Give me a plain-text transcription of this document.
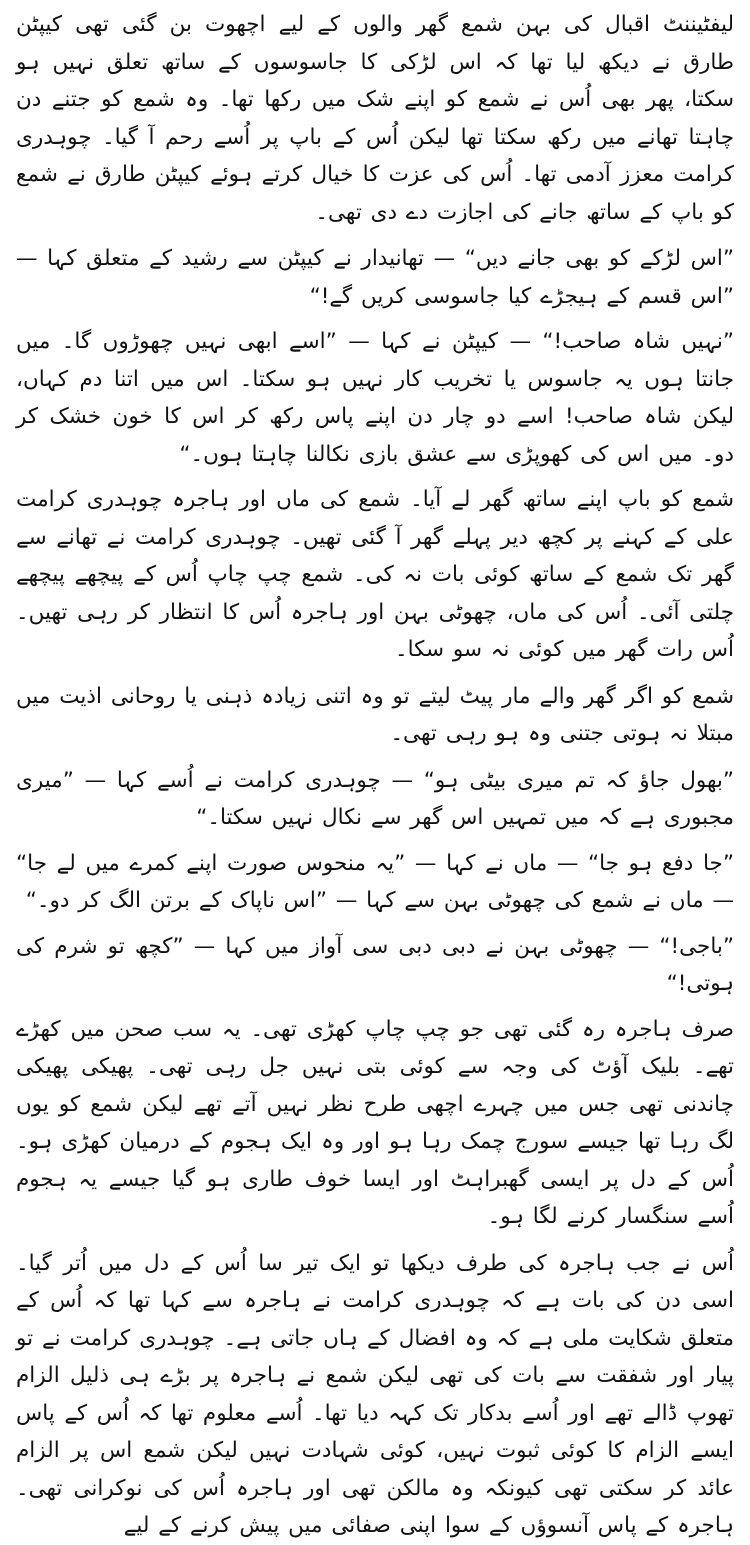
لیفٹیننٹ اقبال کی بہن شمع گھر والوں کے لیے اچھوت بن گئی تھی کیپٹن طارق نے دیکھ لیا تھا کہ اس لڑکی کا جاسوسوں کے ساتھ تعلق نہیں ہو سکتا، پھر بھی اُس نے شمع کو اپنے شک میں رکھا تھا۔ وہ شمع کو جتنے دن چاہتا تھانے میں رکھ سکتا تھا لیکن اُس کے باپ پر اُسے رحم آ گیا۔ چوہدری کرامت معزز آدمی تھا۔ اُس کی عزت کا خیال کرتے ہوئے کیپٹن طارق نے شمع کو باپ کے ساتھ جانے کی اجازت دے دی تھی۔

”اس لڑکے کو بھی جانے دیں“ — تھانیدار نے کیپٹن سے رشید کے متعلق کہا — ”اس قسم کے ہیجڑے کیا جاسوسی کریں گے!“

”نہیں شاہ صاحب!“ — کیپٹن نے کہا — ”اسے ابھی نہیں چھوڑوں گا۔ میں جانتا ہوں یہ جاسوس یا تخریب کار نہیں ہو سکتا۔ اس میں اتنا دم کہاں، لیکن شاہ صاحب! اسے دو چار دن اپنے پاس رکھ کر اس کا خون خشک کر دو۔ میں اس کی کھوپڑی سے عشق بازی نکالنا چاہتا ہوں۔“

شمع کو باپ اپنے ساتھ گھر لے آیا۔ شمع کی ماں اور ہاجرہ چوہدری کرامت علی کے کہنے پر کچھ دیر پہلے گھر آ گئی تھیں۔ چوہدری کرامت نے تھانے سے گھر تک شمع کے ساتھ کوئی بات نہ کی۔ شمع چپ چاپ اُس کے پیچھے پیچھے چلتی آئی۔ اُس کی ماں، چھوٹی بہن اور ہاجرہ اُس کا انتظار کر رہی تھیں۔ اُس رات گھر میں کوئی نہ سو سکا۔

شمع کو اگر گھر والے مار پیٹ لیتے تو وہ اتنی زیادہ ذہنی یا روحانی اذیت میں مبتلا نہ ہوتی جتنی وہ ہو رہی تھی۔

”بھول جاؤ کہ تم میری بیٹی ہو“ — چوہدری کرامت نے اُسے کہا — ”میری مجبوری ہے کہ میں تمہیں اس گھر سے نکال نہیں سکتا۔“

”جا دفع ہو جا“ — ماں نے کہا — ”یہ منحوس صورت اپنے کمرے میں لے جا“ — ماں نے شمع کی چھوٹی بہن سے کہا — ”اس ناپاک کے برتن الگ کر دو۔“

”باجی!“ — چھوٹی بہن نے دبی دبی سی آواز میں کہا — ”کچھ تو شرم کی ہوتی!“

صرف ہاجرہ رہ گئی تھی جو چپ چاپ کھڑی تھی۔ یہ سب صحن میں کھڑے تھے۔ بلیک آؤٹ کی وجہ سے کوئی بتی نہیں جل رہی تھی۔ پھیکی پھیکی چاندنی تھی جس میں چہرے اچھی طرح نظر نہیں آتے تھے لیکن شمع کو یوں لگ رہا تھا جیسے سورج چمک رہا ہو اور وہ ایک ہجوم کے درمیان کھڑی ہو۔ اُس کے دل پر ایسی گھبراہٹ اور ایسا خوف طاری ہو گیا جیسے یہ ہجوم اُسے سنگسار کرنے لگا ہو۔

اُس نے جب ہاجرہ کی طرف دیکھا تو ایک تیر سا اُس کے دل میں اُتر گیا۔ اسی دن کی بات ہے کہ چوہدری کرامت نے ہاجرہ سے کہا تھا کہ اُس کے متعلق شکایت ملی ہے کہ وہ افضال کے ہاں جاتی ہے۔ چوہدری کرامت نے تو پیار اور شفقت سے بات کی تھی لیکن شمع نے ہاجرہ پر بڑے ہی ذلیل الزام تھوپ ڈالے تھے اور اُسے بدکار تک کہہ دیا تھا۔ اُسے معلوم تھا کہ اُس کے پاس ایسے الزام کا کوئی ثبوت نہیں، کوئی شہادت نہیں لیکن شمع اس پر الزام عائد کر سکتی تھی کیونکہ وہ مالکن تھی اور ہاجرہ اُس کی نوکرانی تھی۔ ہاجرہ کے پاس آنسوؤں کے سوا اپنی صفائی میں پیش کرنے کے لیے
